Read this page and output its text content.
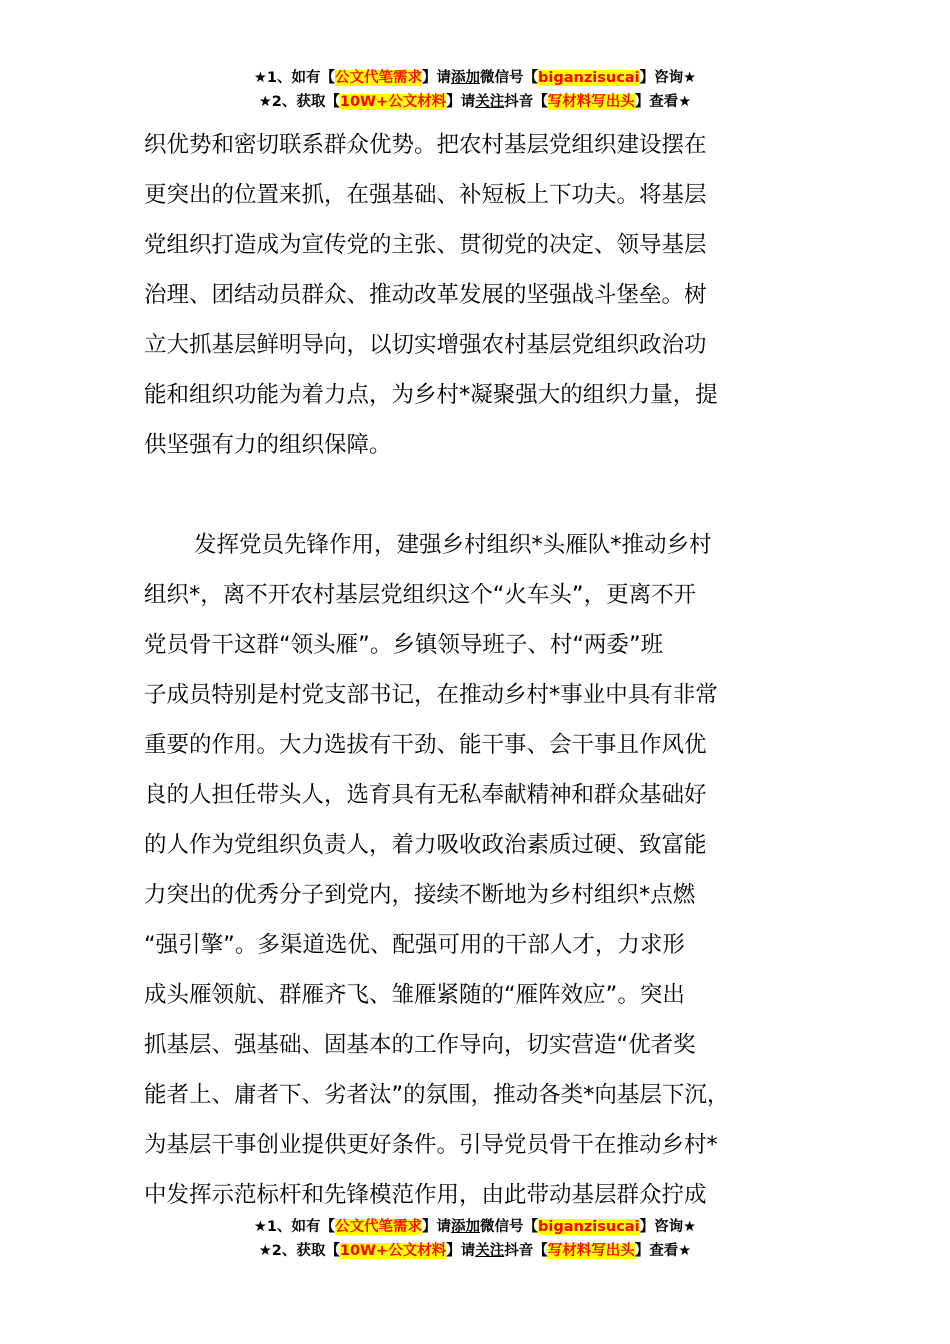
★1、如有【公文代笔需求】请添加微信号【biganzisucai】咨询★
★2、获取【10W+公文材料】请关注抖音【写材料写出头】查看★
织优势和密切联系群众优势。把农村基层党组织建设摆在
更突出的位置来抓，在强基础、补短板上下功夫。将基层
党组织打造成为宣传党的主张、贯彻党的决定、领导基层
治理、团结动员群众、推动改革发展的坚强战斗堡垒。树
立大抓基层鲜明导向，以切实增强农村基层党组织政治功
能和组织功能为着力点，为乡村*凝聚强大的组织力量，提
供坚强有力的组织保障。
发挥党员先锋作用，建强乡村组织*头雁队*推动乡村
组织*，离不开农村基层党组织这个“火车头”，更离不开
党员骨干这群“领头雁”。乡镇领导班子、村“两委”班
子成员特别是村党支部书记，在推动乡村*事业中具有非常
重要的作用。大力选拔有干劲、能干事、会干事且作风优
良的人担任带头人，选育具有无私奉献精神和群众基础好
的人作为党组织负责人，着力吸收政治素质过硬、致富能
力突出的优秀分子到党内，接续不断地为乡村组织*点燃
“强引擎”。多渠道选优、配强可用的干部人才，力求形
成头雁领航、群雁齐飞、雏雁紧随的“雁阵效应”。突出
抓基层、强基础、固基本的工作导向，切实营造“优者奖
能者上、庸者下、劣者汰”的氛围，推动各类*向基层下沉，
为基层干事创业提供更好条件。引导党员骨干在推动乡村*
中发挥示范标杆和先锋模范作用，由此带动基层群众拧成
★1、如有【公文代笔需求】请添加微信号【biganzisucai】咨询★
★2、获取【10W+公文材料】请关注抖音【写材料写出头】查看★
